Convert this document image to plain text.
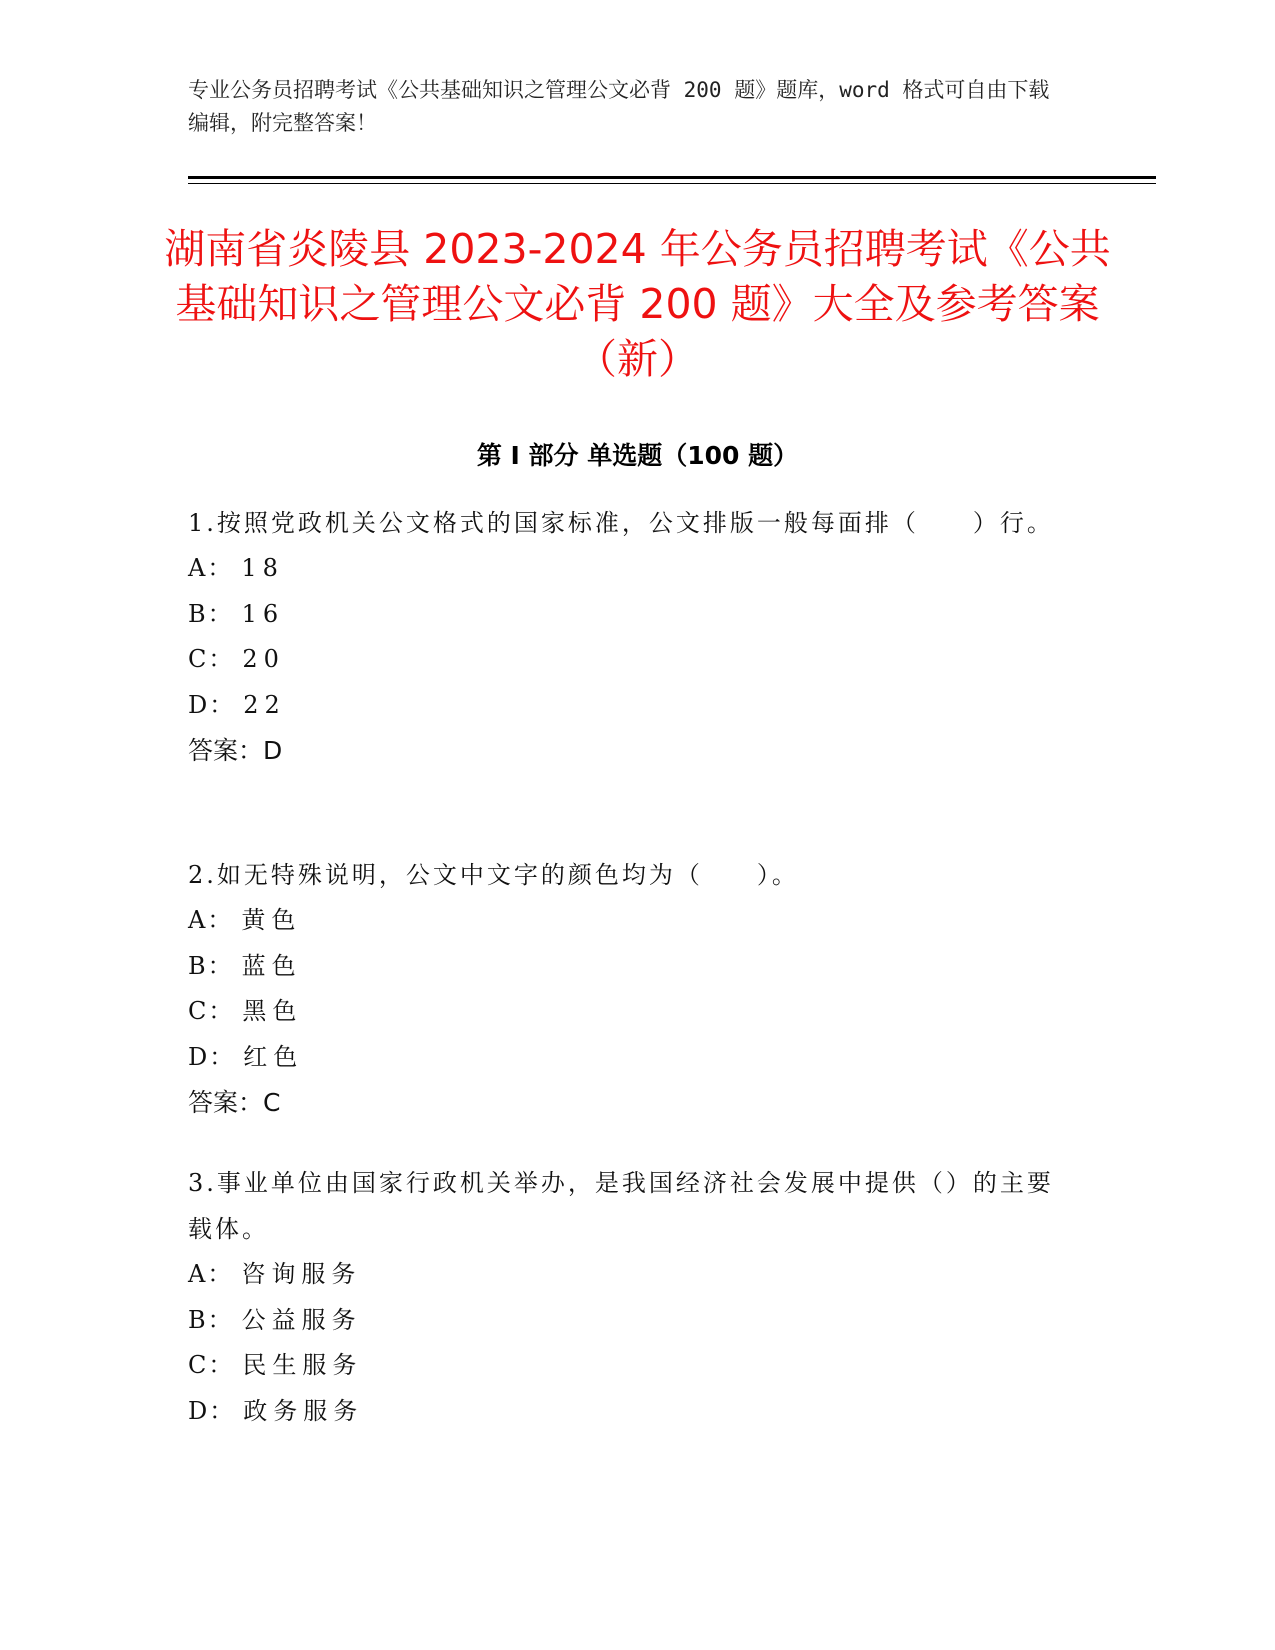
专业公务员招聘考试《公共基础知识之管理公文必背 200 题》题库，word 格式可自由下载编辑，附完整答案！
湖南省炎陵县 2023-2024 年公务员招聘考试《公共基础知识之管理公文必背 200 题》大全及参考答案（新）
第 I 部分 单选题（100 题）

1.按照党政机关公文格式的国家标准，公文排版一般每面排（　　）行。

A： 18

B： 16

C： 20

D： 22

答案：D

2.如无特殊说明，公文中文字的颜色均为（　　）。

A： 黄色

B： 蓝色

C： 黑色

D： 红色

答案：C

3.事业单位由国家行政机关举办，是我国经济社会发展中提供（）的主要载体。

A： 咨询服务

B： 公益服务

C： 民生服务

D： 政务服务
